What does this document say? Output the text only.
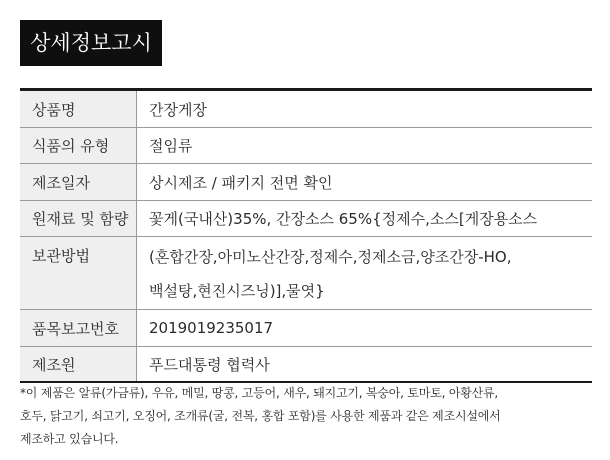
상세정보고시
상품명	간장게장
식품의 유형	절임류
제조일자	상시제조 / 패키지 전면 확인
원재료 및 함량	꽃게(국내산)35%, 간장소스 65%{정제수,소스[게장용소스
보관방법	(혼합간장,아미노산간장,정제수,정제소금,양조간장-HO,
백설탕,현진시즈닝)],물엿}
품목보고번호	2019019235017
제조원	푸드대통령 협력사
*이 제품은 알류(가금류), 우유, 메밀, 땅콩, 고등어, 새우, 돼지고기, 복숭아, 토마토, 아황산류,
호두, 닭고기, 쇠고기, 오징어, 조개류(굴, 전복, 홍합 포함)를 사용한 제품과 같은 제조시설에서
제조하고 있습니다.
